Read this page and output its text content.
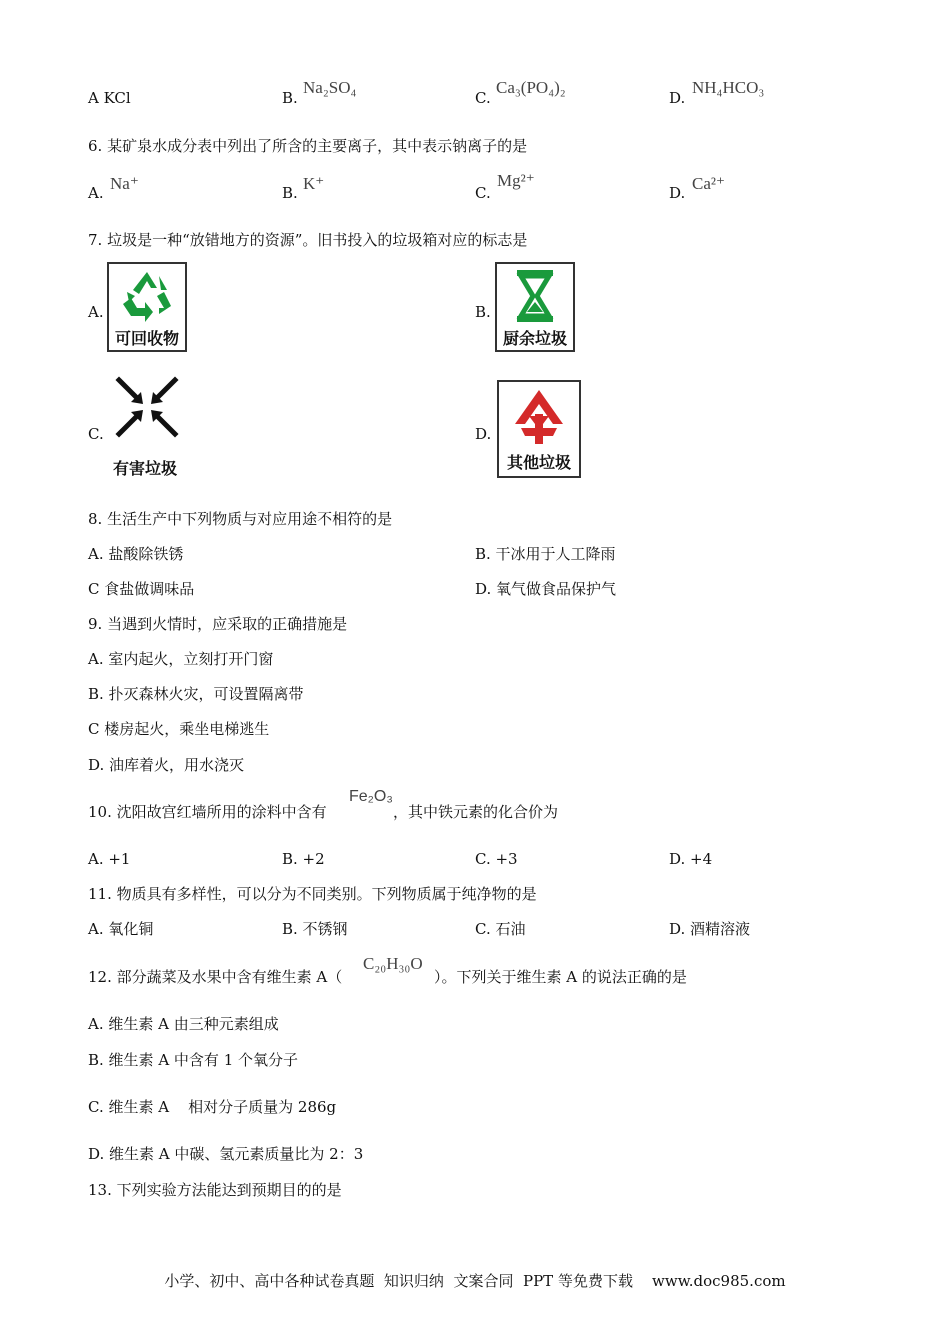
A KCl	B.
Na₂SO₄
C.
Ca₃(PO₄)₂
D.
NH₄HCO₃
6. 某矿泉水成分表中列出了所含的主要离子，其中表示钠离子的是
A. Na⁺	B. K⁺	C.
Mg²⁺
D. Ca²⁺
7. 垃圾是一种“放错地方的资源”。旧书投入的垃圾箱对应的标志是
A.
可回收物
B.
厨余垃圾
C.
有害垃圾
D.
其他垃圾
8. 生活生产中下列物质与对应用途不相符的是
A. 盐酸除铁锈	B. 干冰用于人工降雨
C 食盐做调味品	D. 氧气做食品保护气
9. 当遇到火情时，应采取的正确措施是
A. 室内起火，立刻打开门窗
B. 扑灭森林火灾，可设置隔离带
C 楼房起火，乘坐电梯逃生
D. 油库着火，用水浇灭
10. 沈阳故宫红墙所用的涂料中含有
Fe₂O₃
，其中铁元素的化合价为
A. +1	B. +2	C. +3	D. +4
11. 物质具有多样性，可以分为不同类别。下列物质属于纯净物的是
A. 氧化铜	B. 不锈钢	C. 石油	D. 酒精溶液
12. 部分蔬菜及水果中含有维生素 A（
C₂₀H₃₀O
）。下列关于维生素 A 的说法正确的是
A. 维生素 A 由三种元素组成
B. 维生素 A 中含有 1 个氧分子
C. 维生素 A    相对分子质量为 286g
D. 维生素 A 中碳、氢元素质量比为 2：3
13. 下列实验方法能达到预期目的的是
小学、初中、高中各种试卷真题  知识归纳  文案合同  PPT 等免费下载    www.doc985.com
